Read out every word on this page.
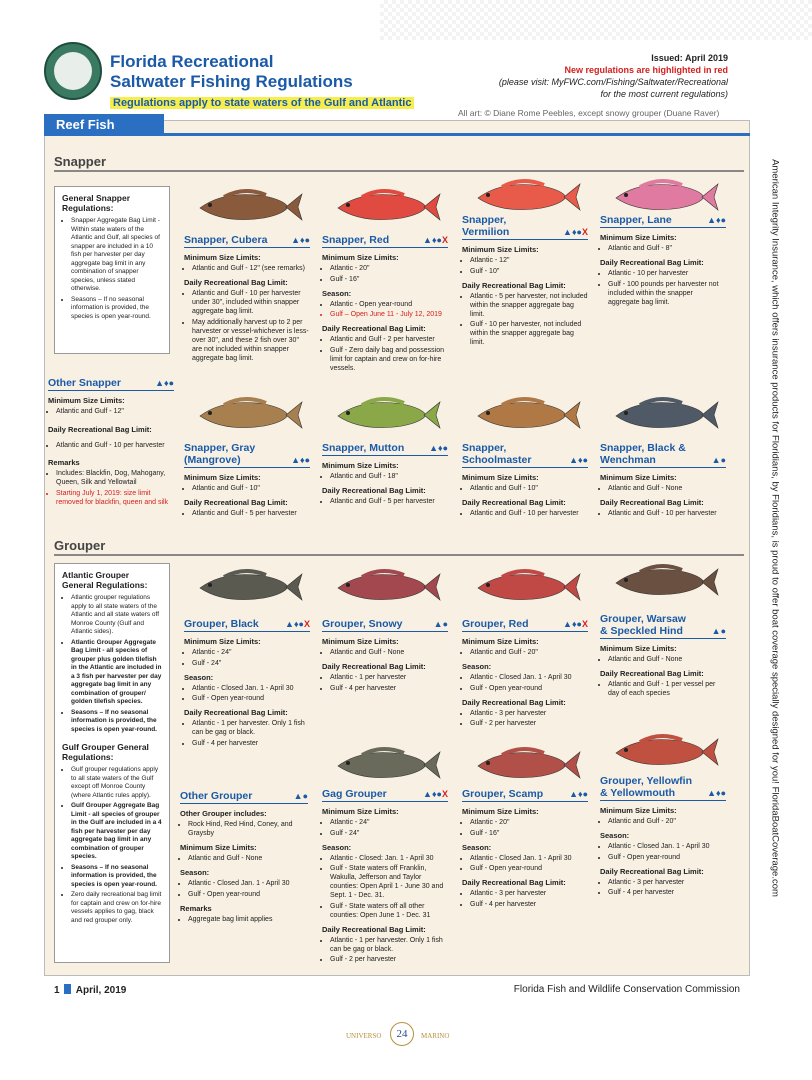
Florida Recreational
Saltwater Fishing Regulations
Regulations apply to state waters of the Gulf and Atlantic
Issued: April 2019
New regulations are highlighted in red
(please visit: MyFWC.com/Fishing/Saltwater/Recreational
for the most current regulations)
All art: © Diane Rome Peebles, except snowy grouper (Duane Raver)
Reef Fish
Snapper
Grouper
General Snapper Regulations:
• Snapper Aggregate Bag Limit - Within state waters of the Atlantic and Gulf, all species of snapper are included in a 10 fish per harvester per day aggregate bag limit in any combination of snapper species, unless stated otherwise.
• Seasons – If no seasonal information is provided, the species is open year-round.
Other Snapper	▲♦●
Minimum Size Limits:
• Atlantic and Gulf - 12"
Daily Recreational Bag Limit:
• Atlantic and Gulf - 10 per harvester
Remarks
• Includes: Blackfin, Dog, Mahogany, Queen, Silk and Yellowtail
• Starting July 1, 2019: size limit removed for blackfin, queen and silk
Snapper, Cubera	▲♦●
Minimum Size Limits:
• Atlantic and Gulf - 12" (see remarks)
Daily Recreational Bag Limit:
• Atlantic and Gulf - 10 per harvester under 30", included within snapper aggregate bag limit.
• May additionally harvest up to 2 per harvester or vessel-whichever is less- over 30", and these 2 fish over 30" are not included within snapper aggregate bag limit.
Snapper, Red	▲♦●X
Minimum Size Limits:
• Atlantic - 20"
• Gulf - 16"
Season:
• Atlantic - Open year-round
• Gulf – Open June 11 - July 12, 2019
Daily Recreational Bag Limit:
• Atlantic and Gulf - 2 per harvester
• Gulf - Zero daily bag and possession limit for captain and crew on for-hire vessels.
Snapper, Vermilion	▲♦●X
Minimum Size Limits:
• Atlantic - 12"
• Gulf - 10"
Daily Recreational Bag Limit:
• Atlantic - 5 per harvester, not included within the snapper aggregate bag limit.
• Gulf - 10 per harvester, not included within the snapper aggregate bag limit.
Snapper, Lane	▲♦●
Minimum Size Limits:
• Atlantic and Gulf - 8"
Daily Recreational Bag Limit:
• Atlantic - 10 per harvester
• Gulf - 100 pounds per harvester not included within the snapper aggregate bag limit.
Snapper, Gray (Mangrove)	▲♦●
Minimum Size Limits:
• Atlantic and Gulf - 10"
Daily Recreational Bag Limit:
• Atlantic and Gulf - 5 per harvester
Snapper, Mutton	▲♦●
Minimum Size Limits:
• Atlantic and Gulf - 18"
Daily Recreational Bag Limit:
• Atlantic and Gulf - 5 per harvester
Snapper, Schoolmaster	▲♦●
Minimum Size Limits:
• Atlantic and Gulf - 10"
Daily Recreational Bag Limit:
• Atlantic and Gulf - 10 per harvester
Snapper, Black & Wenchman	▲●
Minimum Size Limits:
• Atlantic and Gulf - None
Daily Recreational Bag Limit:
• Atlantic and Gulf - 10 per harvester
Grouper, Black	▲♦●X
Minimum Size Limits:
• Atlantic - 24"
• Gulf - 24"
Season:
• Atlantic - Closed Jan. 1 - April 30
• Gulf - Open year-round
Daily Recreational Bag Limit:
• Atlantic - 1 per harvester. Only 1 fish can be gag or black.
• Gulf - 4 per harvester
Grouper, Snowy	▲●
Minimum Size Limits:
• Atlantic and Gulf - None
Daily Recreational Bag Limit:
• Atlantic - 1 per harvester
• Gulf - 4 per harvester
Grouper, Red	▲♦●X
Minimum Size Limits:
• Atlantic and Gulf - 20"
Season:
• Atlantic - Closed Jan. 1 - April 30
• Gulf - Open year-round
Daily Recreational Bag Limit:
• Atlantic - 3 per harvester
• Gulf - 2 per harvester
Grouper, Warsaw & Speckled Hind	▲●
Minimum Size Limits:
• Atlantic and Gulf - None
Daily Recreational Bag Limit:
• Atlantic and Gulf - 1 per vessel per day of each species
Gag Grouper	▲♦●X
Minimum Size Limits:
• Atlantic - 24"
• Gulf - 24"
Season:
• Atlantic - Closed: Jan. 1 - April 30
• Gulf - State waters off Franklin, Wakulla, Jefferson and Taylor counties: Open April 1 - June 30 and Sept. 1 - Dec. 31.
• Gulf - State waters off all other counties: Open June 1 - Dec. 31
Daily Recreational Bag Limit:
• Atlantic - 1 per harvester. Only 1 fish can be gag or black.
• Gulf - 2 per harvester
Grouper, Scamp	▲♦●
Minimum Size Limits:
• Atlantic - 20"
• Gulf - 16"
Season:
• Atlantic - Closed Jan. 1 - April 30
• Gulf - Open year-round
Daily Recreational Bag Limit:
• Atlantic - 3 per harvester
• Gulf - 4 per harvester
Grouper, Yellowfin & Yellowmouth	▲♦●
Minimum Size Limits:
• Atlantic and Gulf - 20"
Season:
• Atlantic - Closed Jan. 1 - April 30
• Gulf - Open year-round
Daily Recreational Bag Limit:
• Atlantic - 3 per harvester
• Gulf - 4 per harvester
Atlantic Grouper General Regulations:
• Atlantic grouper regulations apply to all state waters of the Atlantic and all state waters off Monroe County (Gulf and Atlantic sides).
• Atlantic Grouper Aggregate Bag Limit - all species of grouper plus golden tilefish in the Atlantic are included in a 3 fish per harvester per day aggregate bag limit in any combination of grouper/ golden tilefish species.
• Seasons – If no seasonal information is provided, the species is open year-round.
Gulf Grouper General Regulations:
• Gulf grouper regulations apply to all state waters of the Gulf except off Monroe County (where Atlantic rules apply).
• Gulf Grouper Aggregate Bag Limit - all species of grouper in the Gulf are included in a 4 fish per harvester per day aggregate bag limit in any combination of grouper species.
• Seasons – If no seasonal information is provided, the species is open year-round.
• Zero daily recreational bag limit for captain and crew on for-hire vessels applies to gag, black and red grouper only.
Other Grouper	▲●
Other Grouper includes:
• Rock Hind, Red Hind, Coney, and Graysby
Minimum Size Limits:
• Atlantic and Gulf - None
Season:
• Atlantic - Closed Jan. 1 - April 30
• Gulf - Open year-round
Remarks
• Aggregate bag limit applies
American Integrity Insurance, which offers insurance products for Floridians, by Floridians, is proud to offer boat coverage specially designed for you! FloridaBoatCoverage.com
1 April, 2019	Florida Fish and Wildlife Conservation Commission
UNIVERSO	24	MARINO
